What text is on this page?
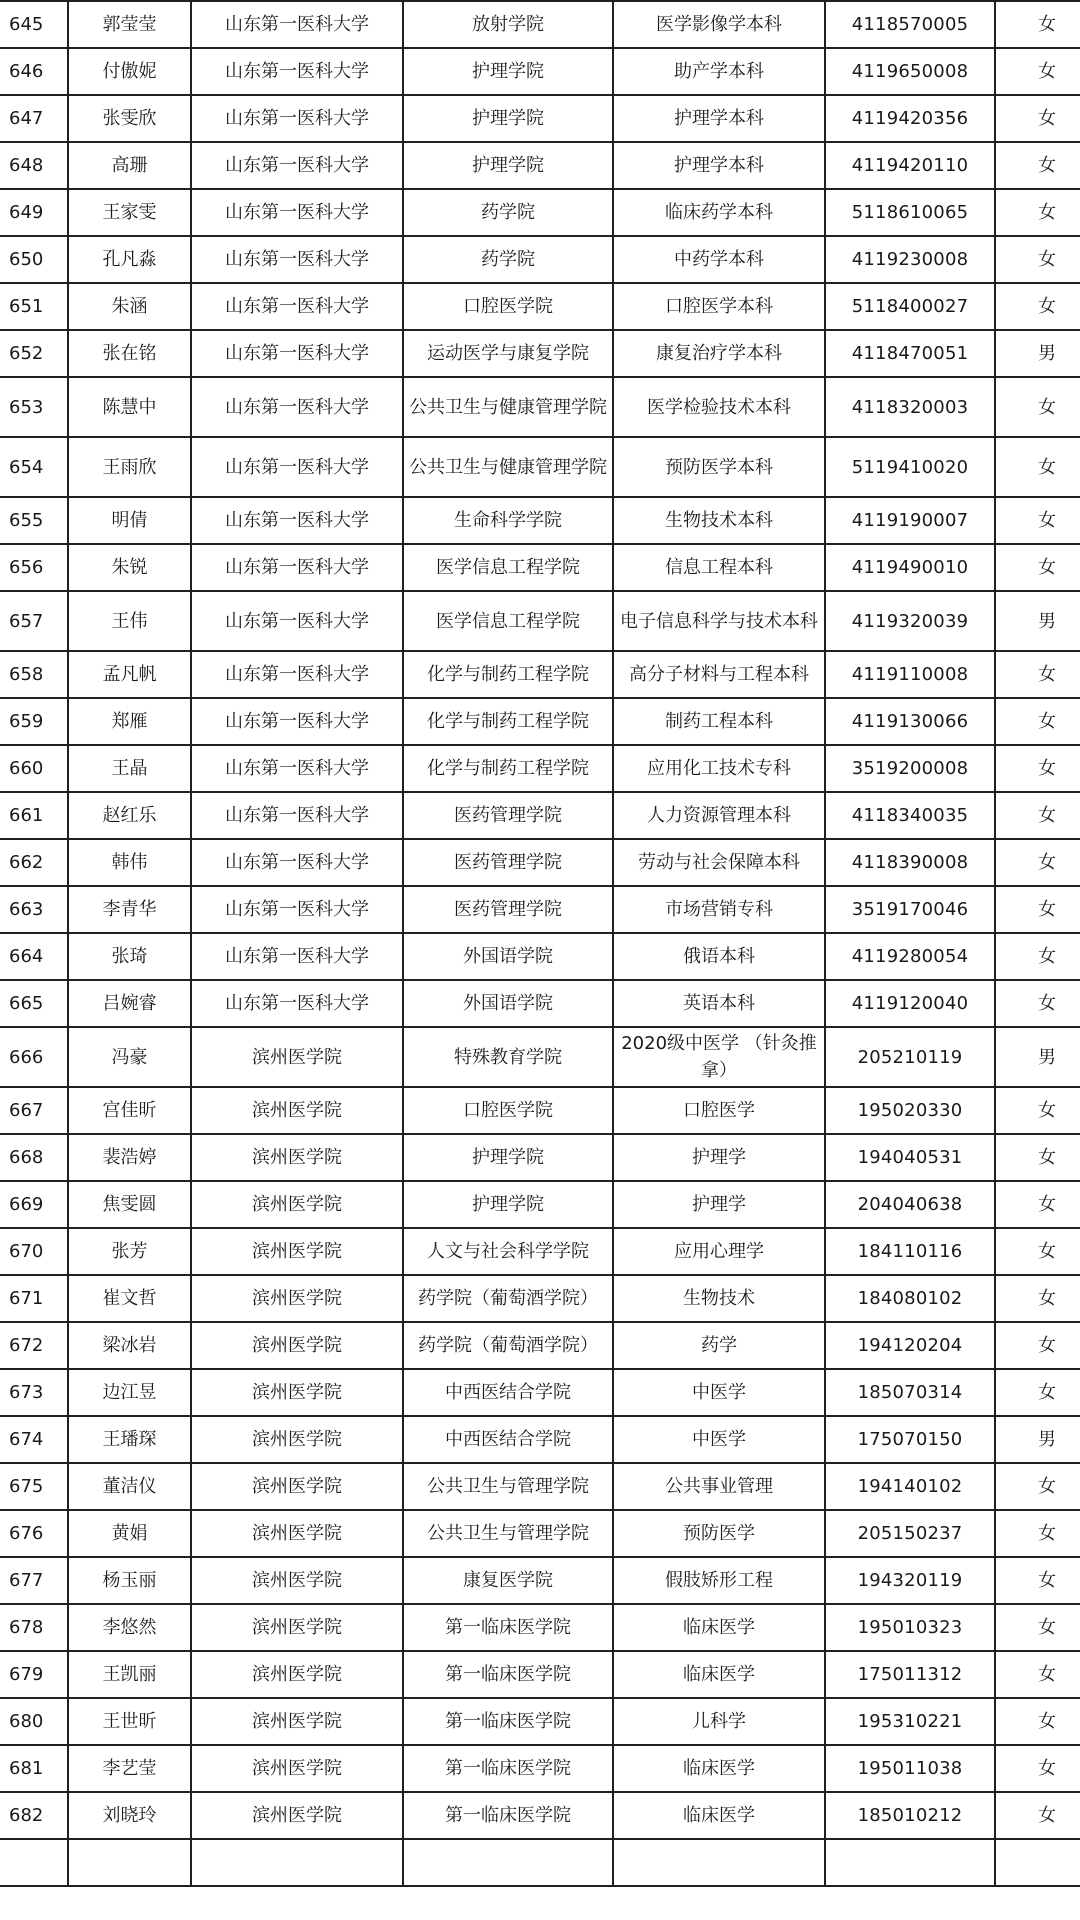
645	郭莹莹	山东第一医科大学	放射学院	医学影像学本科	4118570005	女
646	付傲妮	山东第一医科大学	护理学院	助产学本科	4119650008	女
647	张雯欣	山东第一医科大学	护理学院	护理学本科	4119420356	女
648	高珊	山东第一医科大学	护理学院	护理学本科	4119420110	女
649	王家雯	山东第一医科大学	药学院	临床药学本科	5118610065	女
650	孔凡淼	山东第一医科大学	药学院	中药学本科	4119230008	女
651	朱涵	山东第一医科大学	口腔医学院	口腔医学本科	5118400027	女
652	张在铭	山东第一医科大学	运动医学与康复学院	康复治疗学本科	4118470051	男
653	陈慧中	山东第一医科大学	公共卫生与健康管理学院	医学检验技术本科	4118320003	女
654	王雨欣	山东第一医科大学	公共卫生与健康管理学院	预防医学本科	5119410020	女
655	明倩	山东第一医科大学	生命科学学院	生物技术本科	4119190007	女
656	朱锐	山东第一医科大学	医学信息工程学院	信息工程本科	4119490010	女
657	王伟	山东第一医科大学	医学信息工程学院	电子信息科学与技术本科	4119320039	男
658	孟凡帆	山东第一医科大学	化学与制药工程学院	高分子材料与工程本科	4119110008	女
659	郑雁	山东第一医科大学	化学与制药工程学院	制药工程本科	4119130066	女
660	王晶	山东第一医科大学	化学与制药工程学院	应用化工技术专科	3519200008	女
661	赵红乐	山东第一医科大学	医药管理学院	人力资源管理本科	4118340035	女
662	韩伟	山东第一医科大学	医药管理学院	劳动与社会保障本科	4118390008	女
663	李青华	山东第一医科大学	医药管理学院	市场营销专科	3519170046	女
664	张琦	山东第一医科大学	外国语学院	俄语本科	4119280054	女
665	吕婉睿	山东第一医科大学	外国语学院	英语本科	4119120040	女
666	冯豪	滨州医学院	特殊教育学院	2020级中医学 （针灸推拿）	205210119	男
667	宫佳昕	滨州医学院	口腔医学院	口腔医学	195020330	女
668	裴浩婷	滨州医学院	护理学院	护理学	194040531	女
669	焦雯圆	滨州医学院	护理学院	护理学	204040638	女
670	张芳	滨州医学院	人文与社会科学学院	应用心理学	184110116	女
671	崔文哲	滨州医学院	药学院（葡萄酒学院）	生物技术	184080102	女
672	梁冰岩	滨州医学院	药学院（葡萄酒学院）	药学	194120204	女
673	边江昱	滨州医学院	中西医结合学院	中医学	185070314	女
674	王璠琛	滨州医学院	中西医结合学院	中医学	175070150	男
675	董洁仪	滨州医学院	公共卫生与管理学院	公共事业管理	194140102	女
676	黄娟	滨州医学院	公共卫生与管理学院	预防医学	205150237	女
677	杨玉丽	滨州医学院	康复医学院	假肢矫形工程	194320119	女
678	李悠然	滨州医学院	第一临床医学院	临床医学	195010323	女
679	王凯丽	滨州医学院	第一临床医学院	临床医学	175011312	女
680	王世昕	滨州医学院	第一临床医学院	儿科学	195310221	女
681	李艺莹	滨州医学院	第一临床医学院	临床医学	195011038	女
682	刘晓玲	滨州医学院	第一临床医学院	临床医学	185010212	女
